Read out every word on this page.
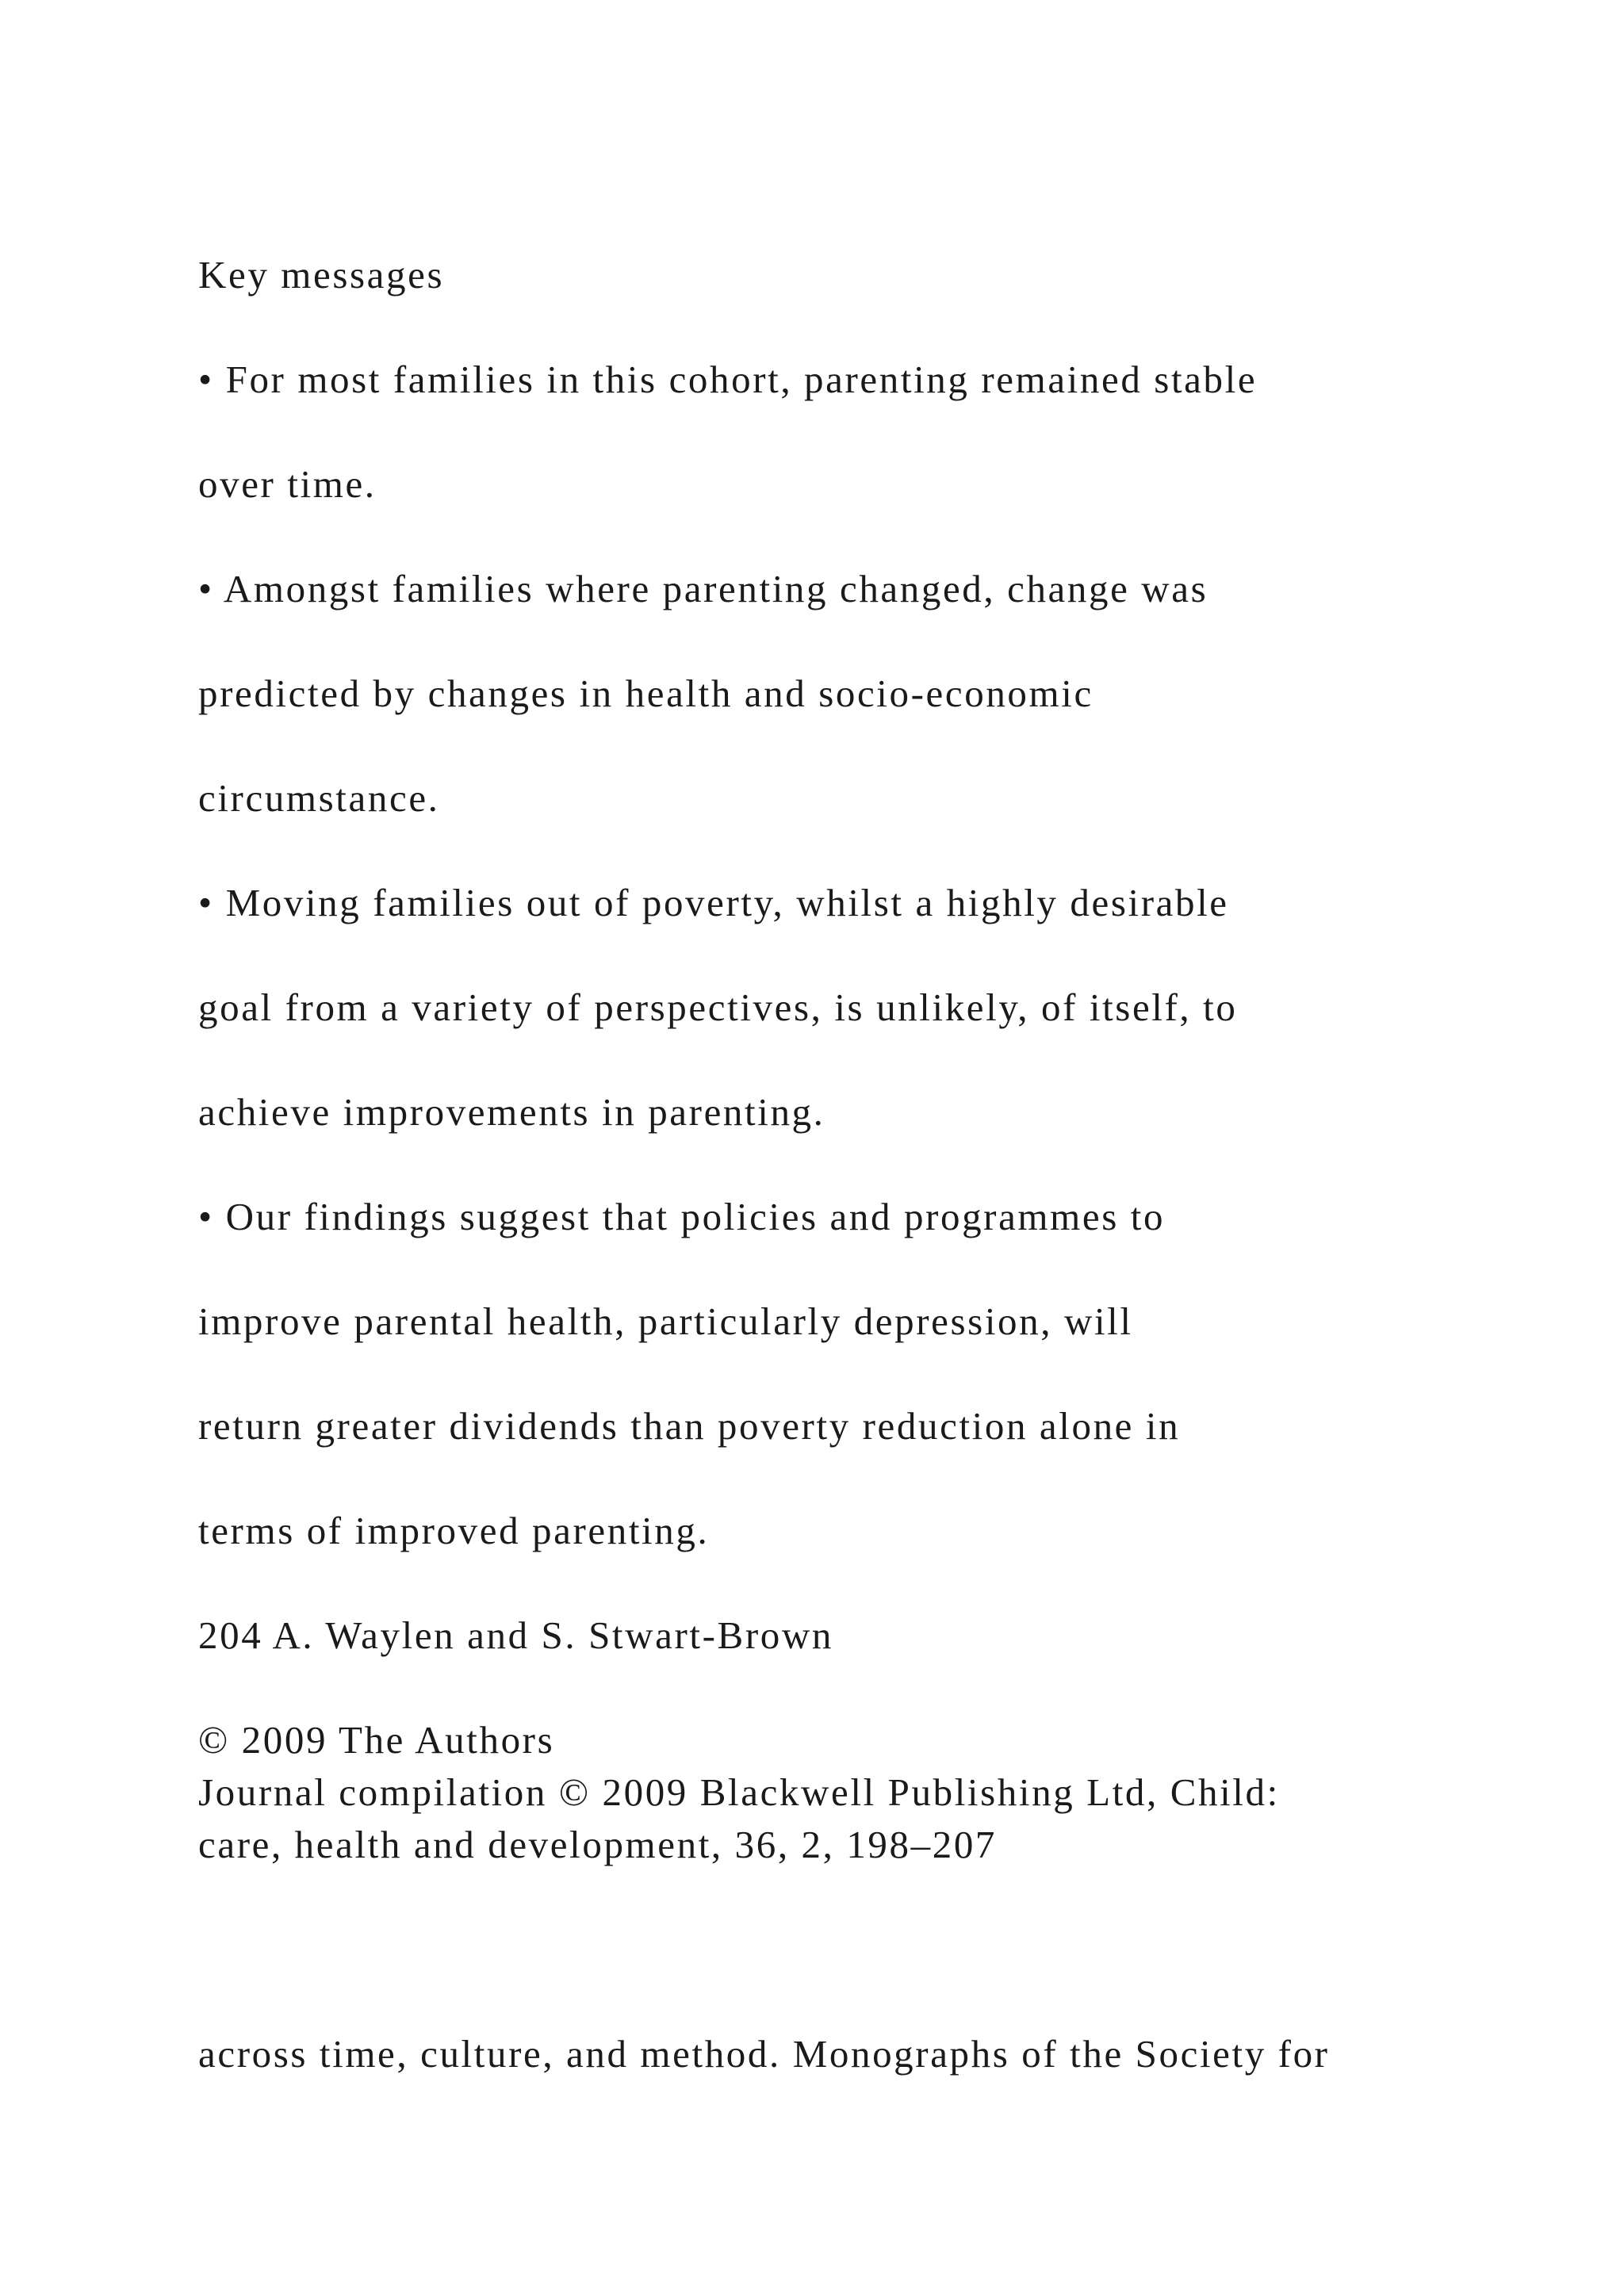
Key messages

• For most families in this cohort, parenting remained stable

over time.

• Amongst families where parenting changed, change was

predicted by changes in health and socio-economic

circumstance.

• Moving families out of poverty, whilst a highly desirable

goal from a variety of perspectives, is unlikely, of itself, to

achieve improvements in parenting.

• Our findings suggest that policies and programmes to

improve parental health, particularly depression, will

return greater dividends than poverty reduction alone in

terms of improved parenting.

204 A. Waylen and S. Stwart-Brown

© 2009 The Authors

Journal compilation © 2009 Blackwell Publishing Ltd, Child:

care, health and development, 36, 2, 198–207

across time, culture, and method. Monographs of the Society for
